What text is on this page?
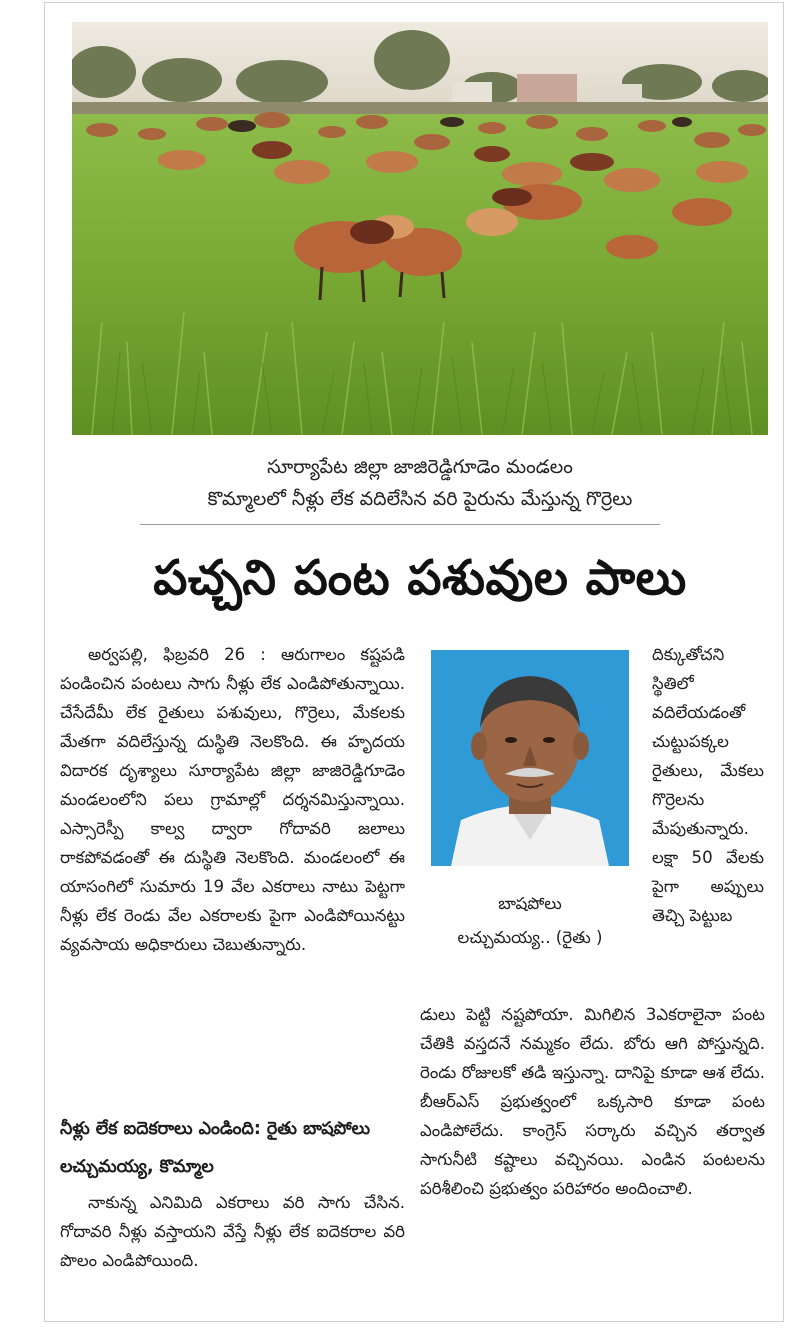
సూర్యాపేట జిల్లా జాజిరెడ్డిగూడెం మండలం
కొమ్మాలలో నీళ్లు లేక వదిలేసిన వరి పైరును మేస్తున్న గొర్రెలు
పచ్చని పంట పశువుల పాలు
అర్వపల్లి, ఫిబ్రవరి 26 : ఆరుగాలం కష్టపడి పండించిన పంటలు సాగు నీళ్లు లేక ఎండిపోతున్నాయి. చేసేదేమీ లేక రైతులు పశువులు, గొర్రెలు, మేకలకు మేతగా వదిలేస్తున్న దుస్థితి నెలకొంది. ఈ హృదయ విదారక దృశ్యాలు సూర్యాపేట జిల్లా జాజిరెడ్డిగూడెం మండలంలోని పలు గ్రామాల్లో దర్శనమిస్తున్నాయి. ఎస్సారెస్పీ కాల్వ ద్వారా గోదావరి జలాలు రాకపోవడంతో ఈ దుస్థితి నెలకొంది. మండలంలో ఈ యాసంగిలో సుమారు 19 వేల ఎకరాలు నాటు పెట్టగా నీళ్లు లేక రెండు వేల ఎకరాలకు పైగా ఎండిపోయినట్టు వ్యవసాయ అధికారులు చెబుతున్నారు.
నీళ్లు లేక ఐదెకరాలు ఎండింది: రైతు బాషపోలు లచ్చుమయ్య, కొమ్మాల
నాకున్న ఎనిమిది ఎకరాలు వరి సాగు చేసిన. గోదావరి నీళ్లు వస్తాయని వేస్తే నీళ్లు లేక ఐదెకరాల వరి పొలం ఎండిపోయింది.
బాషపోలు
లచ్చుమయ్య.. (రైతు )
దిక్కుతోచని స్థితిలో వదిలేయడంతో చుట్టుపక్కల రైతులు, మేకలు గొర్రెలను మేపుతున్నారు. లక్షా 50 వేలకు పైగా అప్పులు తెచ్చి పెట్టుబ
డులు పెట్టి నష్టపోయా. మిగిలిన 3ఎకరాలైనా పంట చేతికి వస్తదనే నమ్మకం లేదు. బోరు ఆగి పోస్తున్నది. రెండు రోజులకో తడి ఇస్తున్నా. దానిపై కూడా ఆశ లేదు. బీఆర్ఎస్ ప్రభుత్వంలో ఒక్కసారి కూడా పంట ఎండిపోలేదు. కాంగ్రెస్ సర్కారు వచ్చిన తర్వాత సాగునీటి కష్టాలు వచ్చినయి. ఎండిన పంటలను పరిశీలించి ప్రభుత్వం పరిహారం అందించాలి.
